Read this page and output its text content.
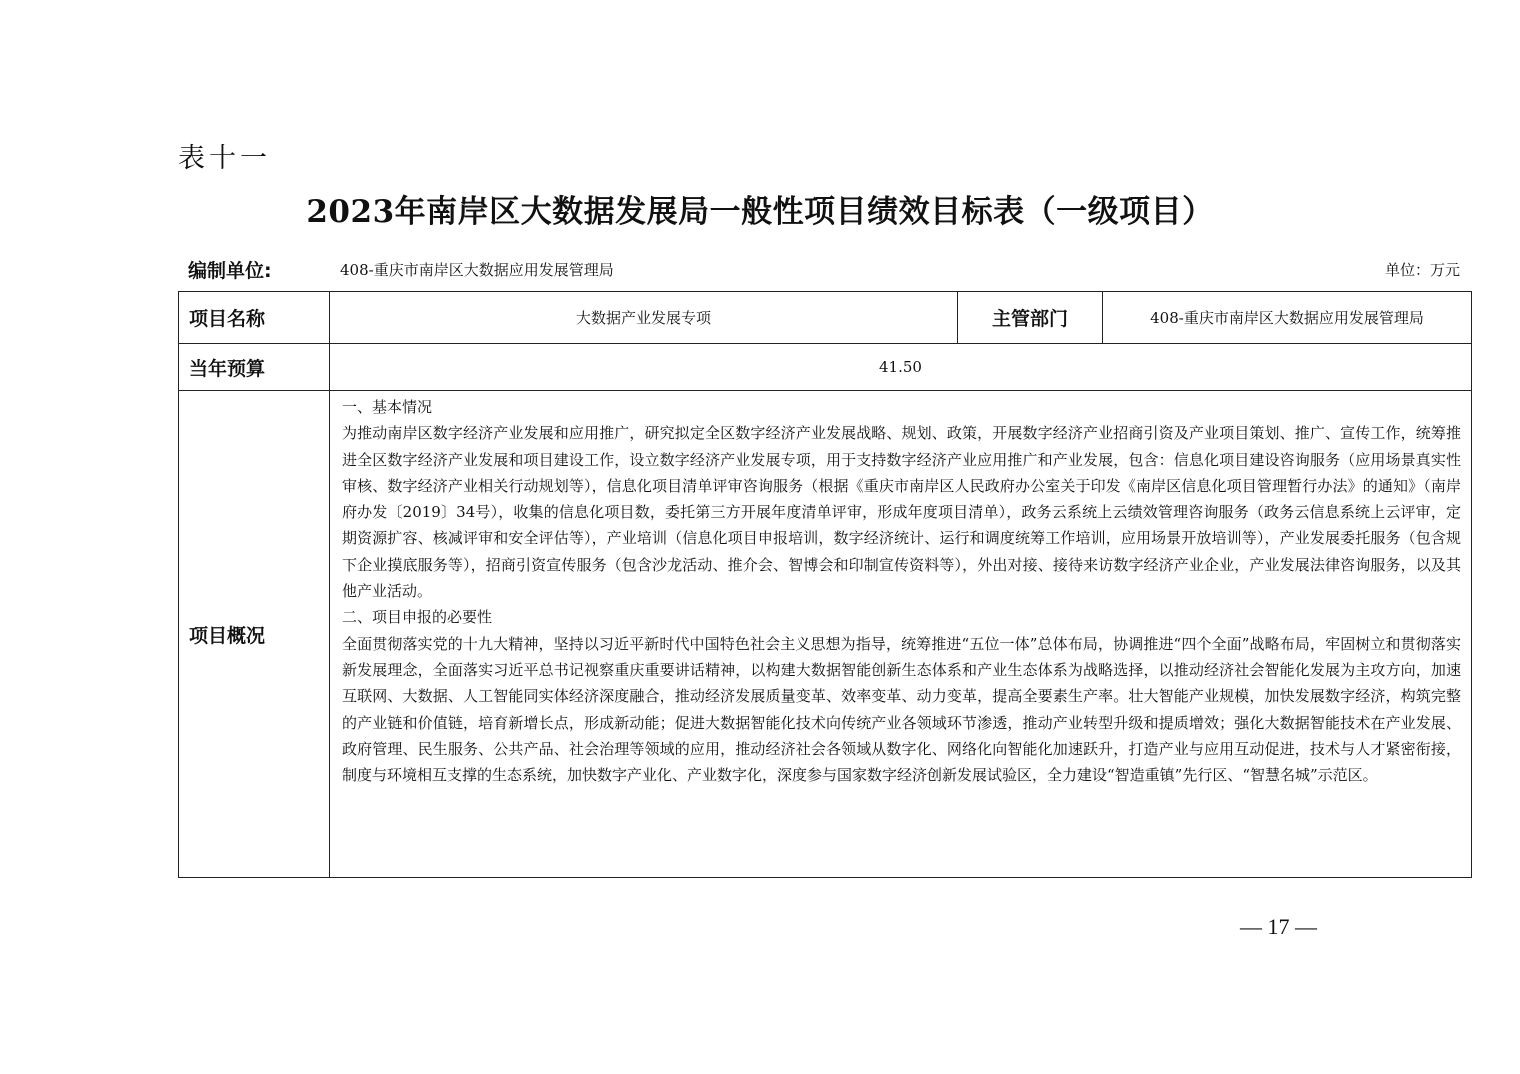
表十一
2023年南岸区大数据发展局一般性项目绩效目标表（一级项目）
编制单位:	408-重庆市南岸区大数据应用发展管理局	单位：万元
项目名称	大数据产业发展专项	主管部门	408-重庆市南岸区大数据应用发展管理局
当年预算	41.50		
项目概况	一、基本情况

为推动南岸区数字经济产业发展和应用推广，研究拟定全区数字经济产业发展战略、规划、政策，开展数字经济产业招商引资及产业项目策划、推广、宣传工作，统筹推进全区数字经济产业发展和项目建设工作，设立数字经济产业发展专项，用于支持数字经济产业应用推广和产业发展，包含：信息化项目建设咨询服务（应用场景真实性审核、数字经济产业相关行动规划等），信息化项目清单评审咨询服务（根据《重庆市南岸区人民政府办公室关于印发《南岸区信息化项目管理暂行办法》的通知》（南岸府办发〔2019〕34号），收集的信息化项目数，委托第三方开展年度清单评审，形成年度项目清单），政务云系统上云绩效管理咨询服务（政务云信息系统上云评审，定期资源扩容、核减评审和安全评估等），产业培训（信息化项目申报培训，数字经济统计、运行和调度统筹工作培训，应用场景开放培训等），产业发展委托服务（包含规下企业摸底服务等），招商引资宣传服务（包含沙龙活动、推介会、智博会和印制宣传资料等），外出对接、接待来访数字经济产业企业，产业发展法律咨询服务，以及其他产业活动。

二、项目申报的必要性

全面贯彻落实党的十九大精神，坚持以习近平新时代中国特色社会主义思想为指导，统筹推进“五位一体”总体布局，协调推进“四个全面”战略布局，牢固树立和贯彻落实新发展理念，全面落实习近平总书记视察重庆重要讲话精神，以构建大数据智能创新生态体系和产业生态体系为战略选择，以推动经济社会智能化发展为主攻方向，加速互联网、大数据、人工智能同实体经济深度融合，推动经济发展质量变革、效率变革、动力变革，提高全要素生产率。壮大智能产业规模，加快发展数字经济，构筑完整的产业链和价值链，培育新增长点，形成新动能；促进大数据智能化技术向传统产业各领域环节渗透，推动产业转型升级和提质增效；强化大数据智能技术在产业发展、政府管理、民生服务、公共产品、社会治理等领域的应用，推动经济社会各领域从数字化、网络化向智能化加速跃升，打造产业与应用互动促进，技术与人才紧密衔接，制度与环境相互支撑的生态系统，加快数字产业化、产业数字化，深度参与国家数字经济创新发展试验区，全力建设“智造重镇”先行区、“智慧名城”示范区。		

— 17 —
